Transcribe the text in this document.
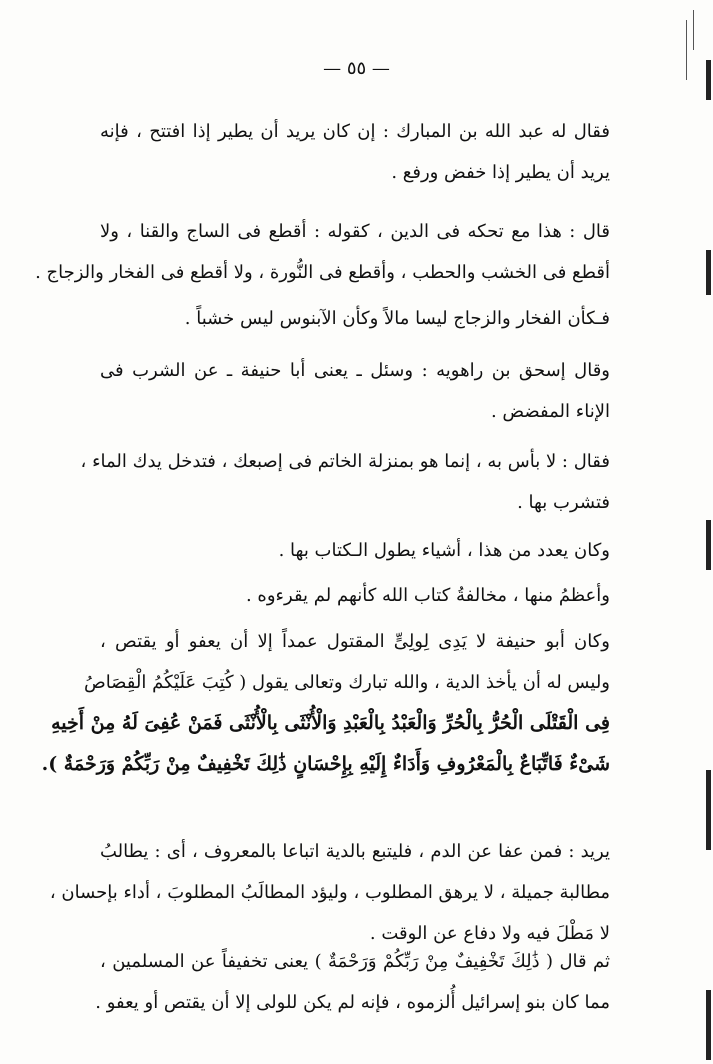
— ٥٥ —
فقال له عبد الله بن المبارك : إن كان يريد أن يطير إذا افتتح ، فإنه
يريد أن يطير إذا خفض ورفع .
قال : هذا مع تحكه فى الدين ، كقوله : أقطع فى الساج والقنا ، ولا
أقطع فى الخشب والحطب ، وأقطع فى النُّورة ، ولا أقطع فى الفخار والزجاج .
فـكأن الفخار والزجاج ليسا مالاً وكأن الآبنوس ليس خشباً .
وقال إسحق بن راهويه : وسئل ـ يعنى أبا حنيفة ـ عن الشرب فى
الإناء المفضض .
فقال : لا بأس به ، إنما هو بمنزلة الخاتم فى إصبعك ، فتدخل يدك الماء ،
فتشرب بها .
وكان يعدد من هذا ، أشياء يطول الـكتاب بها .
وأعظمُ منها ، مخالفةُ كتاب الله كأنهم لم يقرءوه .
وكان أبو حنيفة لا يَدِى لِولِىٍّ المقتول عمداً إلا أن يعفو أو يقتص ،
وليس له أن يأخذ الدية ، والله تبارك وتعالى يقول ( كُتِبَ عَلَيْكُمُ الْقِصَاصُ
فِى الْقَتْلَى الْحُرُّ بِالْحُرِّ وَالْعَبْدُ بِالْعَبْدِ وَالْأُنْثَى بِالْأُنْثَى فَمَنْ عُفِىَ لَهُ مِنْ أَخِيهِ
شَىْءٌ فَاتِّبَاعٌ بِالْمَعْرُوفِ وَأَدَاءٌ إِلَيْهِ بِإِحْسَانٍ ذَٰلِكَ تَخْفِيفٌ مِنْ رَبِّكُمْ وَرَحْمَةٌ ).
يريد : فمن عفا عن الدم ، فليتبع بالدية اتباعا بالمعروف ، أى : يطالبُ
مطالبة جميلة ، لا يرهق المطلوب ، وليؤد المطالَبُ المطلوبَ ، أداء بإحسان ،
لا مَطْلَ فيه ولا دفاع عن الوقت .
ثم قال ( ذَٰلِكَ تَخْفِيفٌ مِنْ رَبِّكُمْ وَرَحْمَةٌ ) يعنى تخفيفاً عن المسلمين ،
مما كان بنو إسرائيل أُلزموه ، فإنه لم يكن للولى إلا أن يقتص أو يعفو .
